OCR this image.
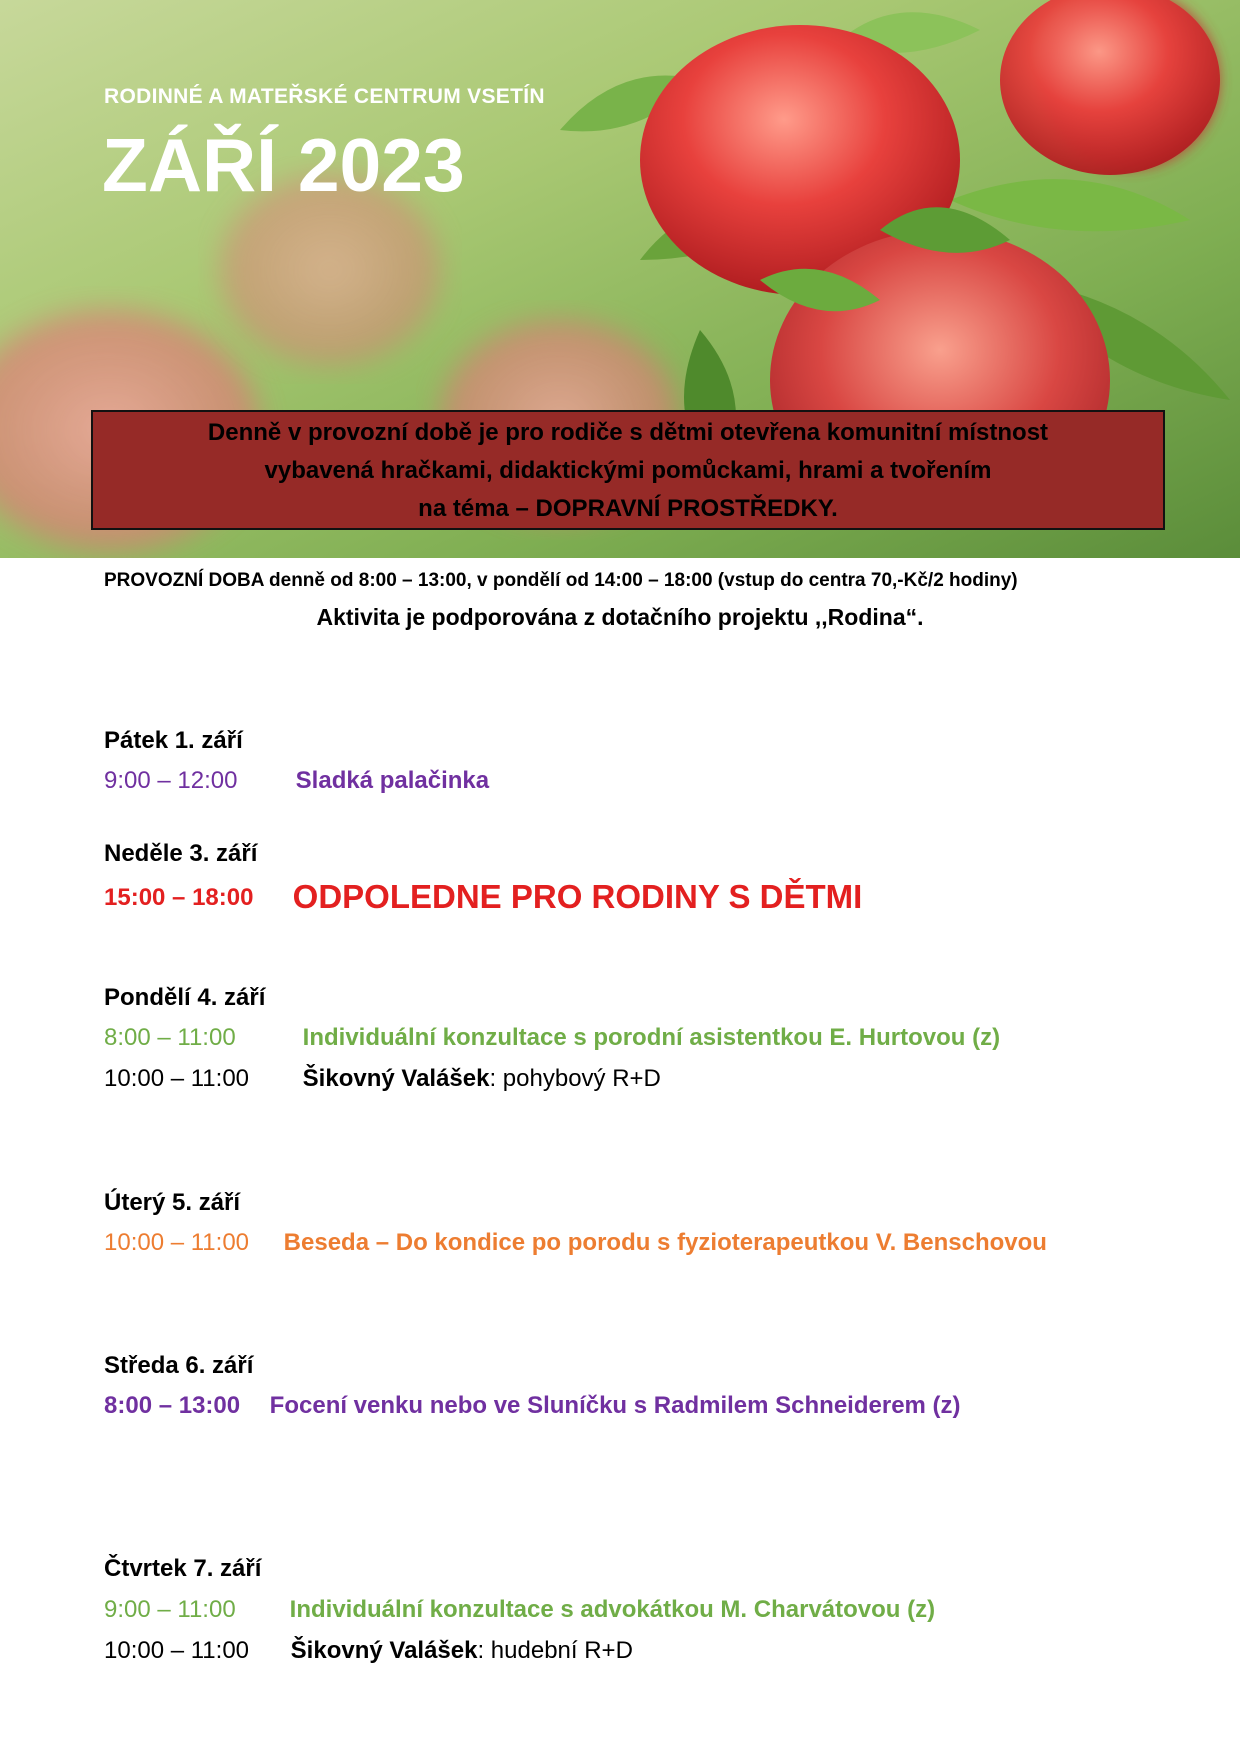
RODINNÉ A MATEŘSKÉ CENTRUM VSETÍN
ZÁŘÍ 2023
Denně v provozní době je pro rodiče s dětmi otevřena komunitní místnost
vybavená hračkami, didaktickými pomůckami, hrami a tvořením
na téma – DOPRAVNÍ PROSTŘEDKY.
PROVOZNÍ DOBA denně od 8:00 – 13:00, v pondělí od 14:00 – 18:00 (vstup do centra 70,-Kč/2 hodiny)
Aktivita je podporována z dotačního projektu ,,Rodina“.
Pátek 1. září
9:00 – 12:00 Sladká palačinka
Neděle 3. září
15:00 – 18:00 ODPOLEDNE PRO RODINY S DĚTMI
Pondělí 4. září
8:00 – 11:00	Individuální konzultace s porodní asistentkou E. Hurtovou (z)
10:00 – 11:00 Šikovný Valášek: pohybový R+D
Úterý 5. září
10:00 – 11:00 Beseda – Do kondice po porodu s fyzioterapeutkou V. Benschovou
Středa 6. září
8:00 – 13:00 Focení venku nebo ve Sluníčku s Radmilem Schneiderem (z)
Čtvrtek 7. září
9:00 – 11:00 Individuální konzultace s advokátkou M. Charvátovou (z)
10:00 – 11:00 Šikovný Valášek: hudební R+D
